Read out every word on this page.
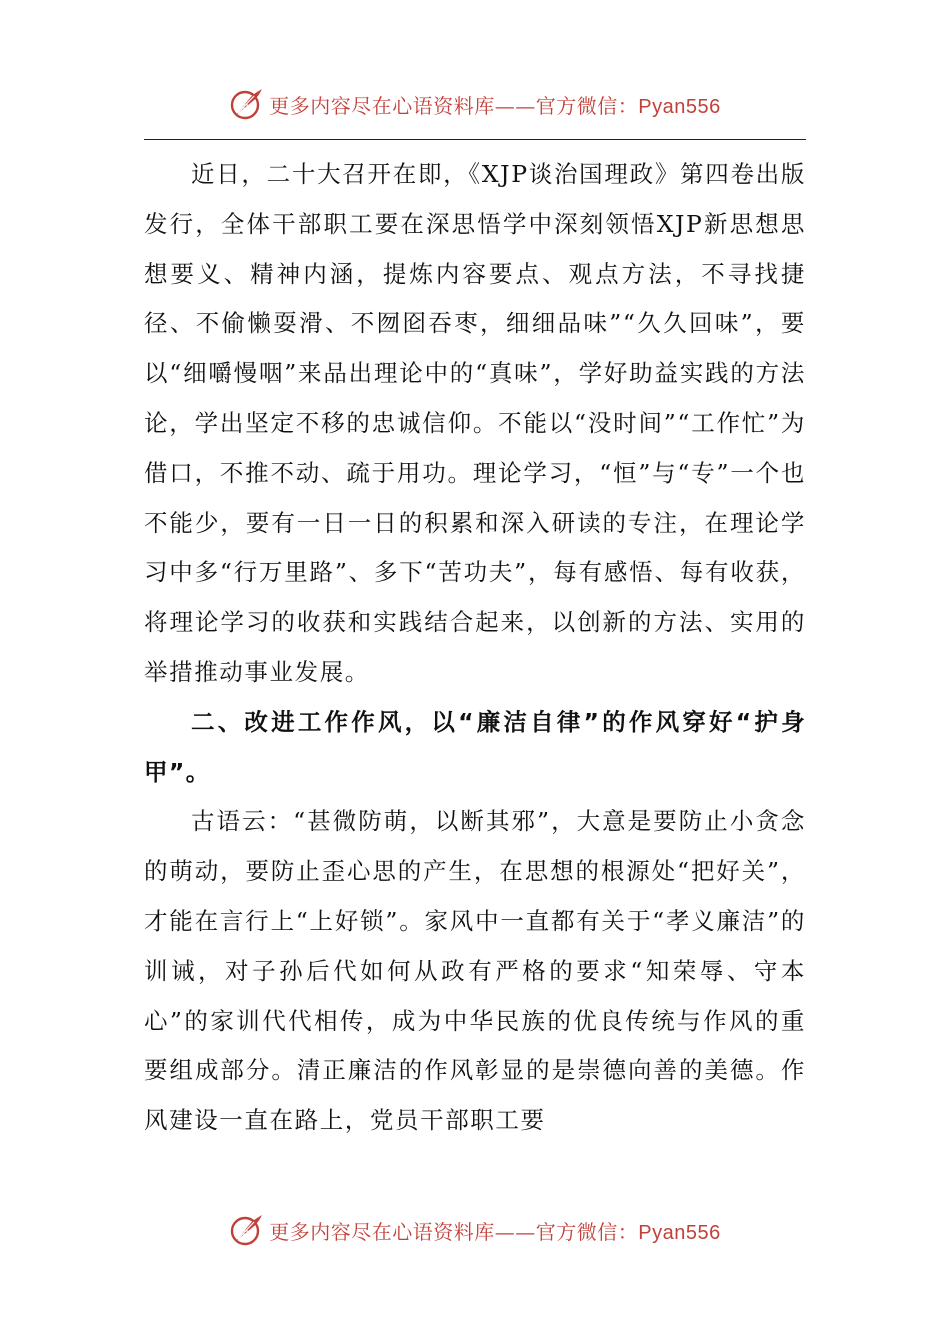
更多内容尽在心语资料库——官方微信：Pyan556

近日，二十大召开在即，《XJP谈治国理政》第四卷出版发行，全体干部职工要在深思悟学中深刻领悟XJP新思想思想要义、精神内涵，提炼内容要点、观点方法，不寻找捷径、不偷懒耍滑、不囫囵吞枣，细细品味”“久久回味”，要以“细嚼慢咽”来品出理论中的“真味”，学好助益实践的方法论，学出坚定不移的忠诚信仰。不能以“没时间”“工作忙”为借口，不推不动、疏于用功。理论学习，“恒”与“专”一个也不能少，要有一日一日的积累和深入研读的专注，在理论学习中多“行万里路”、多下“苦功夫”，每有感悟、每有收获，将理论学习的收获和实践结合起来，以创新的方法、实用的举措推动事业发展。

二、改进工作作风，以“廉洁自律”的作风穿好“护身甲”。

古语云：“甚微防萌，以断其邪”，大意是要防止小贪念的萌动，要防止歪心思的产生，在思想的根源处“把好关”，才能在言行上“上好锁”。家风中一直都有关于“孝义廉洁”的训诫，对子孙后代如何从政有严格的要求“知荣辱、守本心”的家训代代相传，成为中华民族的优良传统与作风的重要组成部分。清正廉洁的作风彰显的是崇德向善的美德。作风建设一直在路上，党员干部职工要

更多内容尽在心语资料库——官方微信：Pyan556
